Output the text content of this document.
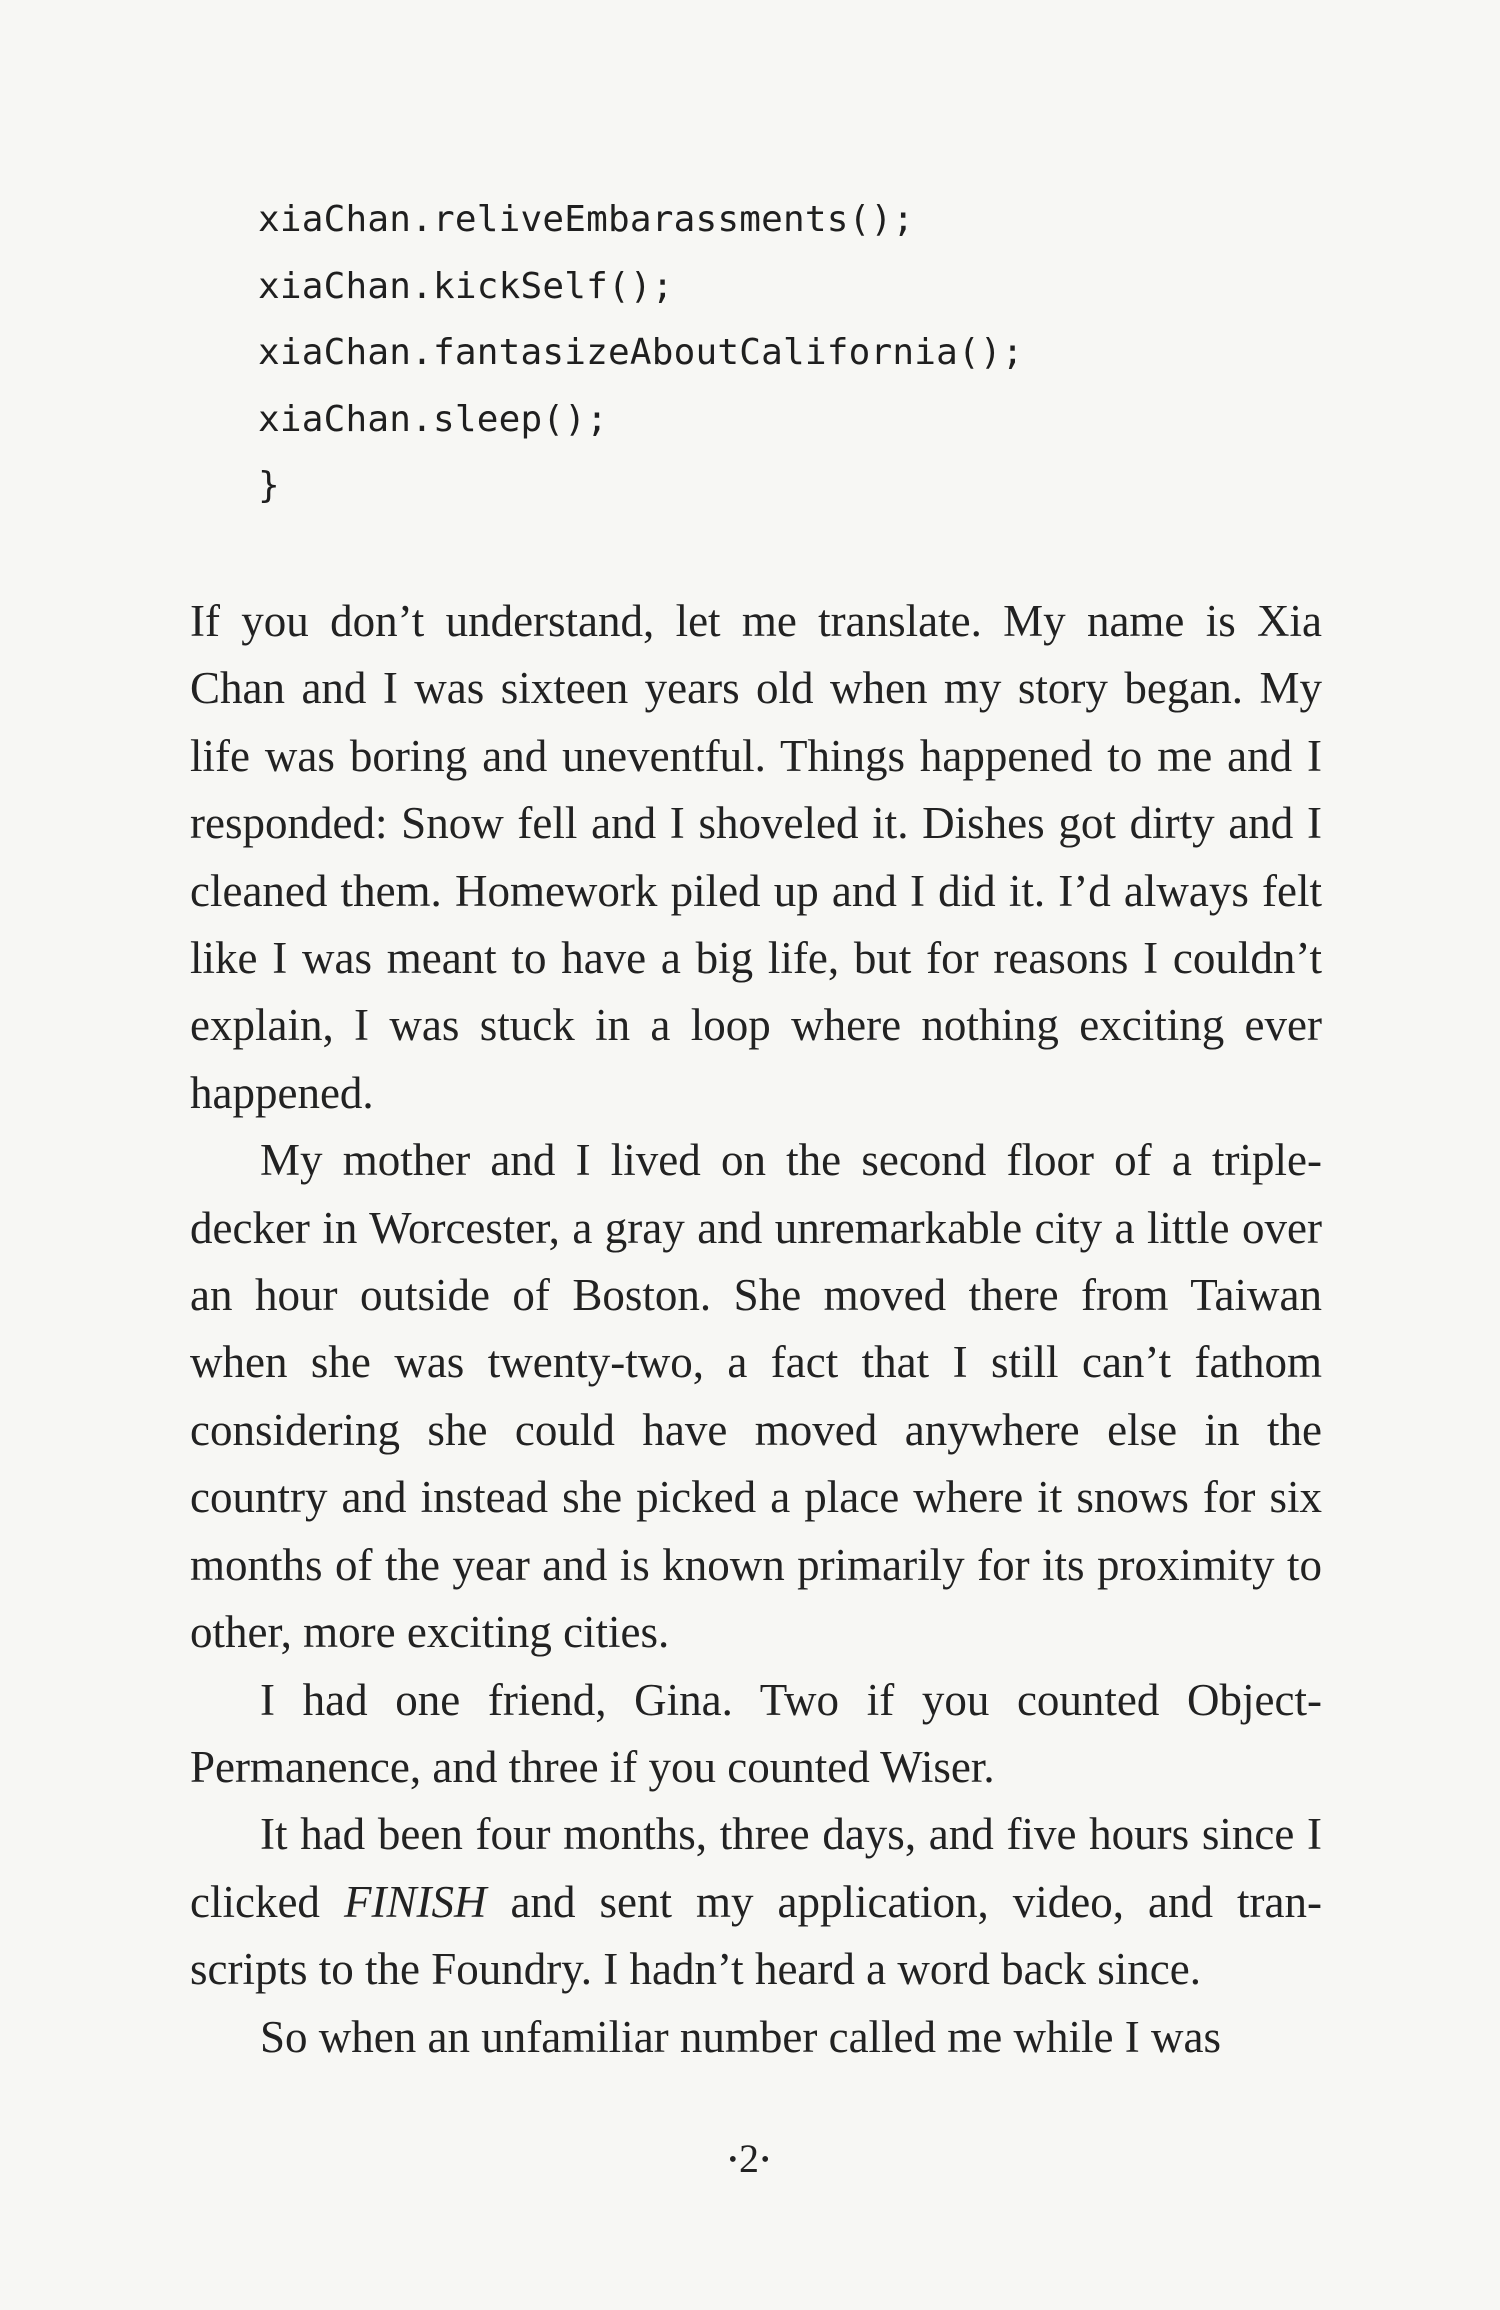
xiaChan.reliveEmbarassments();
xiaChan.kickSelf();
xiaChan.fantasizeAboutCalifornia();
xiaChan.sleep();
}

If you don’t understand, let me translate. My name is Xia Chan and I was sixteen years old when my story began. My life was boring and uneventful. Things happened to me and I responded: Snow fell and I shoveled it. Dishes got dirty and I cleaned them. Homework piled up and I did it. I’d always felt like I was meant to have a big life, but for reasons I couldn’t explain, I was stuck in a loop where nothing exciting ever happened.

My mother and I lived on the second floor of a triple-decker in Worcester, a gray and unremarkable city a little over an hour outside of Boston. She moved there from Taiwan when she was twenty-two, a fact that I still can’t fathom considering she could have moved anywhere else in the country and instead she picked a place where it snows for six months of the year and is known primarily for its proximity to other, more exciting cities.

I had one friend, Gina. Two if you counted ObjectPermanence, and three if you counted Wiser.

It had been four months, three days, and five hours since I clicked FINISH and sent my application, video, and transcripts to the Foundry. I hadn’t heard a word back since.

So when an unfamiliar number called me while I was

•2•
